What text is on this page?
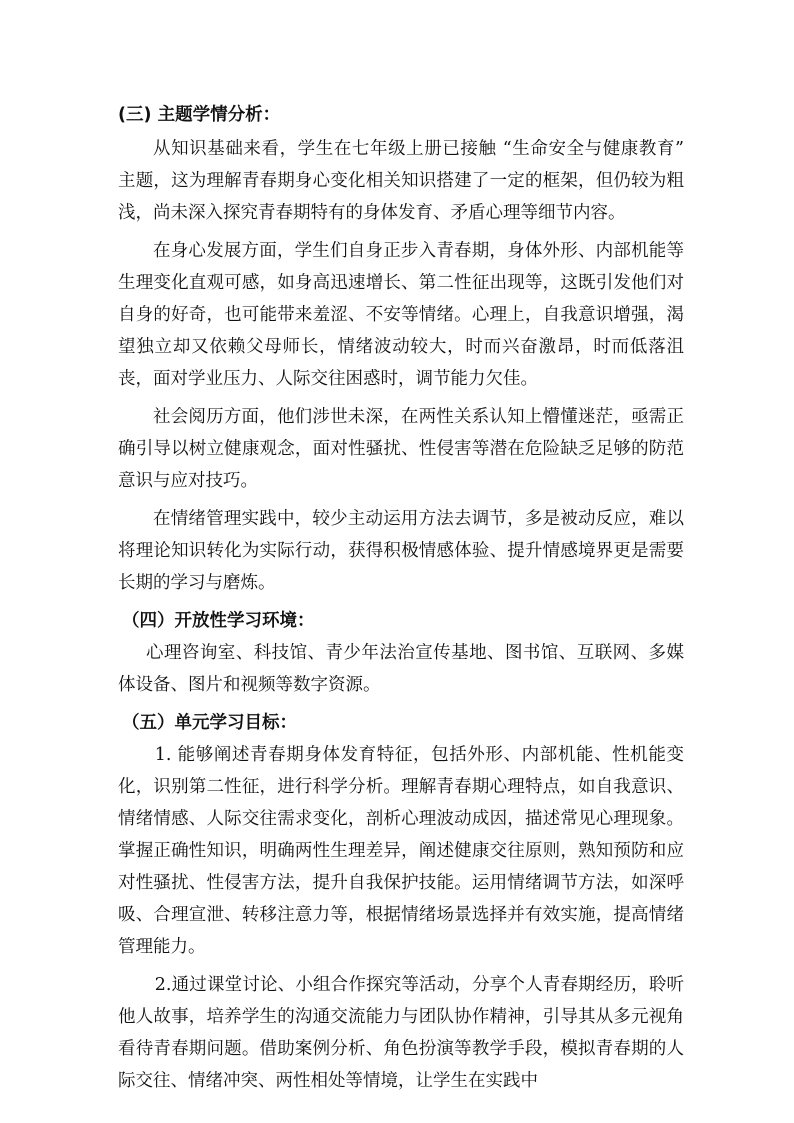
(三) 主题学情分析：

从知识基础来看，学生在七年级上册已接触 “生命安全与健康教育” 主题，这为理解青春期身心变化相关知识搭建了一定的框架，但仍较为粗浅，尚未深入探究青春期特有的身体发育、矛盾心理等细节内容。

在身心发展方面，学生们自身正步入青春期，身体外形、内部机能等生理变化直观可感，如身高迅速增长、第二性征出现等，这既引发他们对自身的好奇，也可能带来羞涩、不安等情绪。心理上，自我意识增强，渴望独立却又依赖父母师长，情绪波动较大，时而兴奋激昂，时而低落沮丧，面对学业压力、人际交往困惑时，调节能力欠佳。

社会阅历方面，他们涉世未深，在两性关系认知上懵懂迷茫，亟需正确引导以树立健康观念，面对性骚扰、性侵害等潜在危险缺乏足够的防范意识与应对技巧。

在情绪管理实践中，较少主动运用方法去调节，多是被动反应，难以将理论知识转化为实际行动，获得积极情感体验、提升情感境界更是需要长期的学习与磨炼。

（四）开放性学习环境：

心理咨询室、科技馆、青少年法治宣传基地、图书馆、互联网、多媒体设备、图片和视频等数字资源。

（五）单元学习目标：

1. 能够阐述青春期身体发育特征，包括外形、内部机能、性机能变化，识别第二性征，进行科学分析。理解青春期心理特点，如自我意识、情绪情感、人际交往需求变化，剖析心理波动成因，描述常见心理现象。掌握正确性知识，明确两性生理差异，阐述健康交往原则，熟知预防和应对性骚扰、性侵害方法，提升自我保护技能。运用情绪调节方法，如深呼吸、合理宣泄、转移注意力等，根据情绪场景选择并有效实施，提高情绪管理能力。

2.通过课堂讨论、小组合作探究等活动，分享个人青春期经历，聆听他人故事，培养学生的沟通交流能力与团队协作精神，引导其从多元视角看待青春期问题。借助案例分析、角色扮演等教学手段，模拟青春期的人际交往、情绪冲突、两性相处等情境，让学生在实践中
